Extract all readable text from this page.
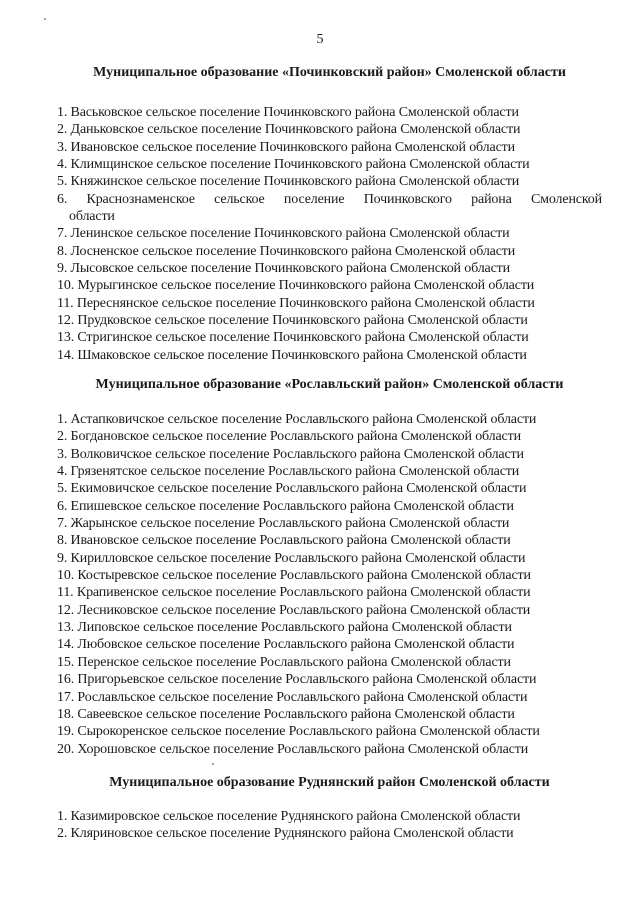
5
Муниципальное образование «Починковский район» Смоленской области
1. Васьковское сельское поселение Починковского района Смоленской области
2. Даньковское сельское поселение Починковского района Смоленской области
3. Ивановское сельское поселение Починковского района Смоленской области
4. Климщинское сельское поселение Починковского района Смоленской области
5. Княжинское сельское поселение Починковского района Смоленской области
6. Краснознаменское сельское поселение Починковского района Смоленской
области
7. Ленинское сельское поселение Починковского района Смоленской области
8. Лосненское сельское поселение Починковского района Смоленской области
9. Лысовское сельское поселение Починковского района Смоленской области
10. Мурыгинское сельское поселение Починковского района Смоленской области
11. Переснянское сельское поселение Починковского района Смоленской области
12. Прудковское сельское поселение Починковского района Смоленской области
13. Стригинское сельское поселение Починковского района Смоленской области
14. Шмаковское сельское поселение Починковского района Смоленской области
Муниципальное образование «Рославльский район» Смоленской области
1. Астапковичское сельское поселение Рославльского района Смоленской области
2. Богдановское сельское поселение Рославльского района Смоленской области
3. Волковичское сельское поселение Рославльского района Смоленской области
4. Грязенятское сельское поселение Рославльского района Смоленской области
5. Екимовичское сельское поселение Рославльского района Смоленской области
6. Епишевское сельское поселение Рославльского района Смоленской области
7. Жарынское сельское поселение Рославльского района Смоленской области
8. Ивановское сельское поселение Рославльского района Смоленской области
9. Кирилловское сельское поселение Рославльского района Смоленской области
10. Костыревское сельское поселение Рославльского района Смоленской области
11. Крапивенское сельское поселение Рославльского района Смоленской области
12. Лесниковское сельское поселение Рославльского района Смоленской области
13. Липовское сельское поселение Рославльского района Смоленской области
14. Любовское сельское поселение Рославльского района Смоленской области
15. Перенское сельское поселение Рославльского района Смоленской области
16. Пригорьевское сельское поселение Рославльского района Смоленской области
17. Рославльское сельское поселение Рославльского района Смоленской области
18. Савеевское сельское поселение Рославльского района Смоленской области
19. Сырокоренское сельское поселение Рославльского района Смоленской области
20. Хорошовское сельское поселение Рославльского района Смоленской области
Муниципальное образование Руднянский район Смоленской области
1. Казимировское сельское поселение Руднянского района Смоленской области
2. Кляриновское сельское поселение Руднянского района Смоленской области
